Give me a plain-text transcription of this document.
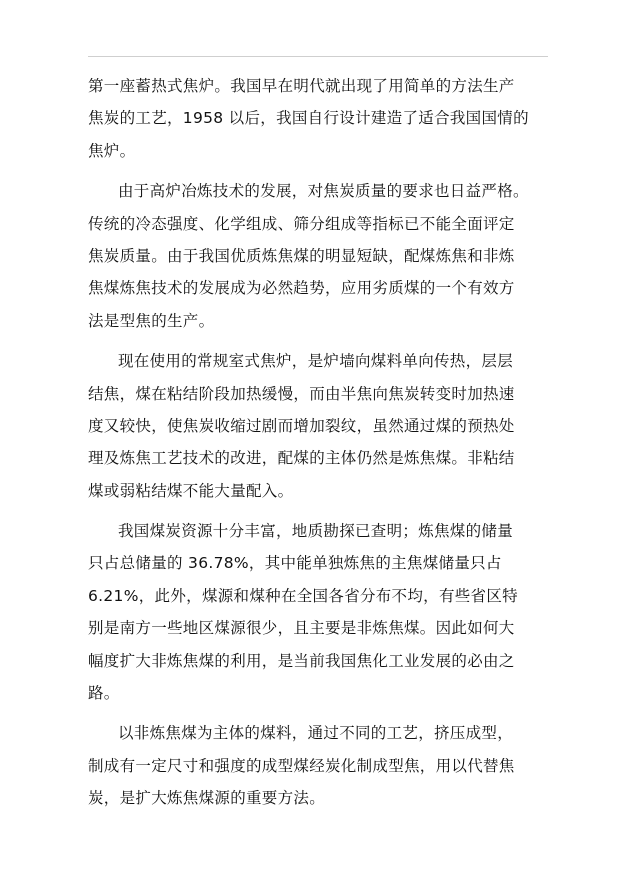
第一座蓄热式焦炉。我国早在明代就出现了用简单的方法生产
焦炭的工艺，1958 以后，我国自行设计建造了适合我国国情的
焦炉。
由于高炉冶炼技术的发展，对焦炭质量的要求也日益严格。
传统的冷态强度、化学组成、筛分组成等指标已不能全面评定
焦炭质量。由于我国优质炼焦煤的明显短缺，配煤炼焦和非炼
焦煤炼焦技术的发展成为必然趋势，应用劣质煤的一个有效方
法是型焦的生产。
现在使用的常规室式焦炉，是炉墙向煤料单向传热，层层
结焦，煤在粘结阶段加热缓慢，而由半焦向焦炭转变时加热速
度又较快，使焦炭收缩过剧而增加裂纹，虽然通过煤的预热处
理及炼焦工艺技术的改进，配煤的主体仍然是炼焦煤。非粘结
煤或弱粘结煤不能大量配入。
我国煤炭资源十分丰富，地质勘探已查明；炼焦煤的储量
只占总储量的 36.78%，其中能单独炼焦的主焦煤储量只占
6.21%，此外，煤源和煤种在全国各省分布不均，有些省区特
别是南方一些地区煤源很少，且主要是非炼焦煤。因此如何大
幅度扩大非炼焦煤的利用，是当前我国焦化工业发展的必由之
路。
以非炼焦煤为主体的煤料，通过不同的工艺，挤压成型，
制成有一定尺寸和强度的成型煤经炭化制成型焦，用以代替焦
炭，是扩大炼焦煤源的重要方法。
